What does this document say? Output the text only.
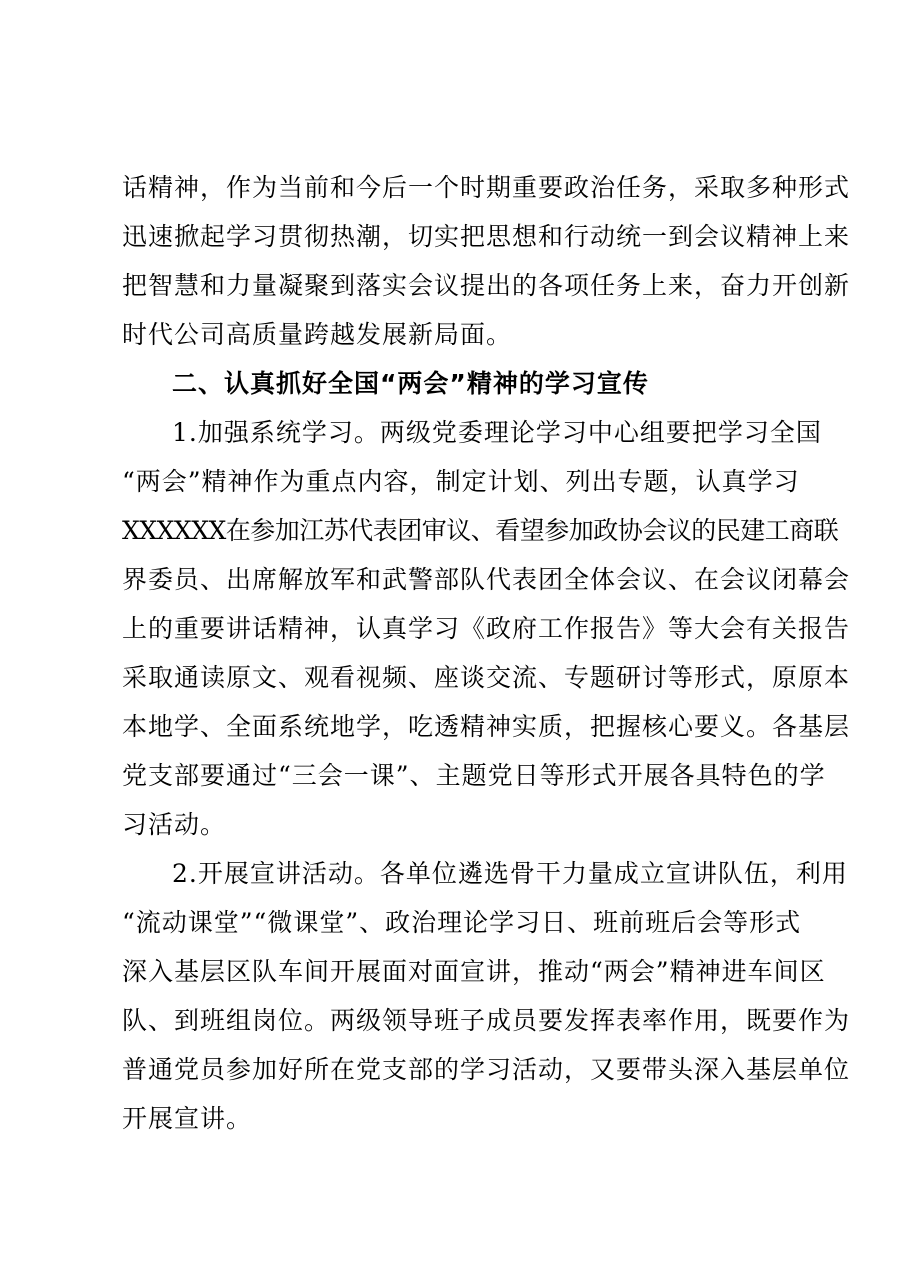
话精神，作为当前和今后一个时期重要政治任务，采取多种形式
迅速掀起学习贯彻热潮，切实把思想和行动统一到会议精神上来
把智慧和力量凝聚到落实会议提出的各项任务上来，奋力开创新
时代公司高质量跨越发展新局面。
二、认真抓好全国“两会”精神的学习宣传
1.加强系统学习。两级党委理论学习中心组要把学习全国
“两会”精神作为重点内容，制定计划、列出专题，认真学习
XXXXXX在参加江苏代表团审议、看望参加政协会议的民建工商联
界委员、出席解放军和武警部队代表团全体会议、在会议闭幕会
上的重要讲话精神，认真学习《政府工作报告》等大会有关报告
采取通读原文、观看视频、座谈交流、专题研讨等形式，原原本
本地学、全面系统地学，吃透精神实质，把握核心要义。各基层
党支部要通过“三会一课”、主题党日等形式开展各具特色的学
习活动。
2.开展宣讲活动。各单位遴选骨干力量成立宣讲队伍，利用
“流动课堂”“微课堂”、政治理论学习日、班前班后会等形式
深入基层区队车间开展面对面宣讲，推动“两会”精神进车间区
队、到班组岗位。两级领导班子成员要发挥表率作用，既要作为
普通党员参加好所在党支部的学习活动，又要带头深入基层单位
开展宣讲。
